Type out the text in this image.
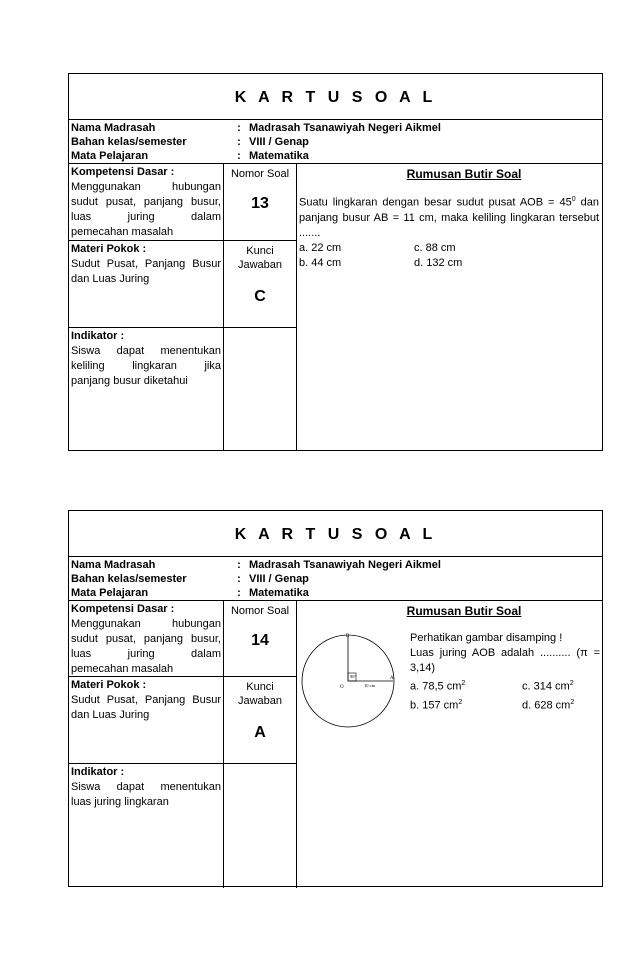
K A R T U S O A L
Nama Madrasah	: Madrasah Tsanawiyah Negeri Aikmel
Bahan kelas/semester	: VIII / Genap
Mata Pelajaran	: Matematika
Kompetensi Dasar :
Menggunakan hubungan
sudut pusat, panjang busur,
luas juring dalam
pemecahan masalah
Nomor Soal
13
Materi Pokok :
Sudut Pusat, Panjang Busur dan Luas Juring
Kunci
Jawaban
C
Indikator :
Siswa dapat menentukan
keliling lingkaran jika
panjang busur diketahui
Rumusan Butir Soal
Suatu lingkaran dengan besar sudut pusat AOB = $45^0$ dan panjang busur AB = 11 cm, maka keliling lingkaran tersebut .......
a. 22 cm	c. 88 cm
b. 44 cm	d. 132 cm
K A R T U S O A L
Nama Madrasah	: Madrasah Tsanawiyah Negeri Aikmel
Bahan kelas/semester	: VIII / Genap
Mata Pelajaran	: Matematika
Kompetensi Dasar :
Menggunakan hubungan
sudut pusat, panjang busur,
luas juring dalam
pemecahan masalah
Nomor Soal
14
Materi Pokok :
Sudut Pusat, Panjang Busur dan Luas Juring
Kunci
Jawaban
A
Indikator :
Siswa dapat menentukan
luas juring lingkaran
Rumusan Butir Soal
B
O
A
90°
10 cm
Perhatikan gambar disamping !
Luas juring AOB adalah .......... (π =
3,14)
a. 78,5 $cm^2$	c. 314 $cm^2$
b. 157 $cm^2$	d. 628 $cm^2$
